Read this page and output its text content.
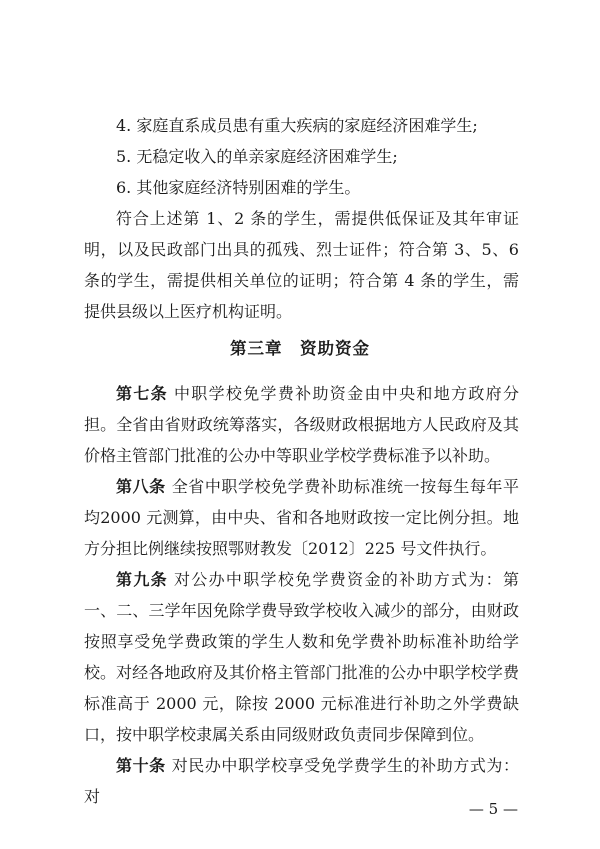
4. 家庭直系成员患有重大疾病的家庭经济困难学生;

5. 无稳定收入的单亲家庭经济困难学生;

6. 其他家庭经济特别困难的学生。

符合上述第 1、2 条的学生，需提供低保证及其年审证明，以及民政部门出具的孤残、烈士证件；符合第 3、5、6 条的学生，需提供相关单位的证明；符合第 4 条的学生，需提供县级以上医疗机构证明。

第三章　资助资金

第七条 中职学校免学费补助资金由中央和地方政府分担。全省由省财政统筹落实，各级财政根据地方人民政府及其价格主管部门批准的公办中等职业学校学费标准予以补助。

第八条 全省中职学校免学费补助标准统一按每生每年平均2000 元测算，由中央、省和各地财政按一定比例分担。地方分担比例继续按照鄂财教发〔2012〕225 号文件执行。

第九条 对公办中职学校免学费资金的补助方式为：第一、二、三学年因免除学费导致学校收入减少的部分，由财政按照享受免学费政策的学生人数和免学费补助标准补助给学校。 对经各地政府及其价格主管部门批准的公办中职学校学费标准高于 2000 元，除按 2000 元标准进行补助之外学费缺口，按中职学校隶属关系由同级财政负责同步保障到位。

第十条 对民办中职学校享受免学费学生的补助方式为：对

— 5 —
